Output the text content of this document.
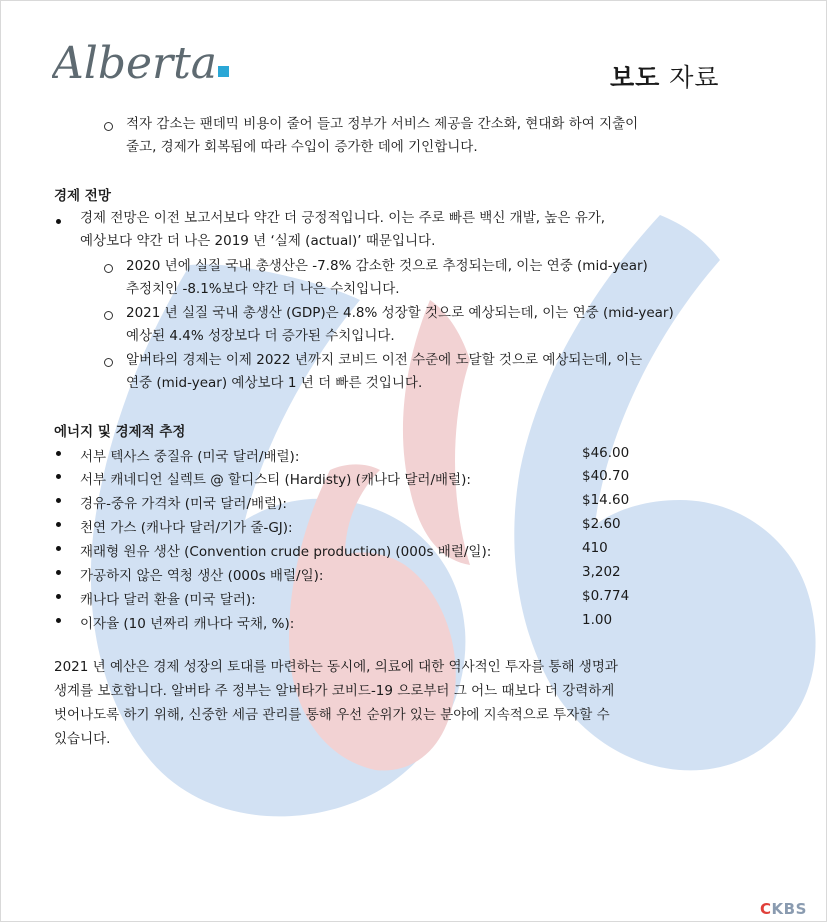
Alberta	보도 자료
적자 감소는 팬데믹 비용이 줄어 들고 정부가 서비스 제공을 간소화, 현대화 하여 지출이
줄고, 경제가 회복됨에 따라 수입이 증가한 데에 기인합니다.
경제 전망
경제 전망은 이전 보고서보다 약간 더 긍정적입니다. 이는 주로 빠른 백신 개발, 높은 유가,
예상보다 약간 더 나은 2019 년 ‘실제 (actual)’ 때문입니다.
2020 년에 실질 국내 총생산은 -7.8% 감소한 것으로 추정되는데, 이는 연중 (mid-year)
추정치인 -8.1%보다 약간 더 나은 수치입니다.
2021 년 실질 국내 총생산 (GDP)은 4.8% 성장할 것으로 예상되는데, 이는 연중 (mid-year)
예상된 4.4% 성장보다 더 증가된 수치입니다.
알버타의 경제는 이제 2022 년까지 코비드 이전 수준에 도달할 것으로 예상되는데, 이는
연중 (mid-year) 예상보다 1 년 더 빠른 것입니다.
에너지 및 경제적 추정
서부 텍사스 중질유 (미국 달러/배럴):	$46.00
서부 캐네디언 실렉트 @ 할디스티 (Hardisty) (캐나다 달러/배럴):	$40.70
경유-중유 가격차 (미국 달러/배럴):	$14.60
천연 가스 (캐나다 달러/기가 줄-GJ):	$2.60
재래형 원유 생산 (Convention crude production) (000s 배럴/일):	410
가공하지 않은 역청 생산 (000s 배럴/일):	3,202
캐나다 달러 환율 (미국 달러):	$0.774
이자율 (10 년짜리 캐나다 국채, %):	1.00
2021 년 예산은 경제 성장의 토대를 마련하는 동시에, 의료에 대한 역사적인 투자를 통해 생명과
생계를 보호합니다. 알버타 주 정부는 알버타가 코비드-19 으로부터 그 어느 때보다 더 강력하게
벗어나도록 하기 위해, 신중한 세금 관리를 통해 우선 순위가 있는 분야에 지속적으로 투자할 수
있습니다.
CKBS
